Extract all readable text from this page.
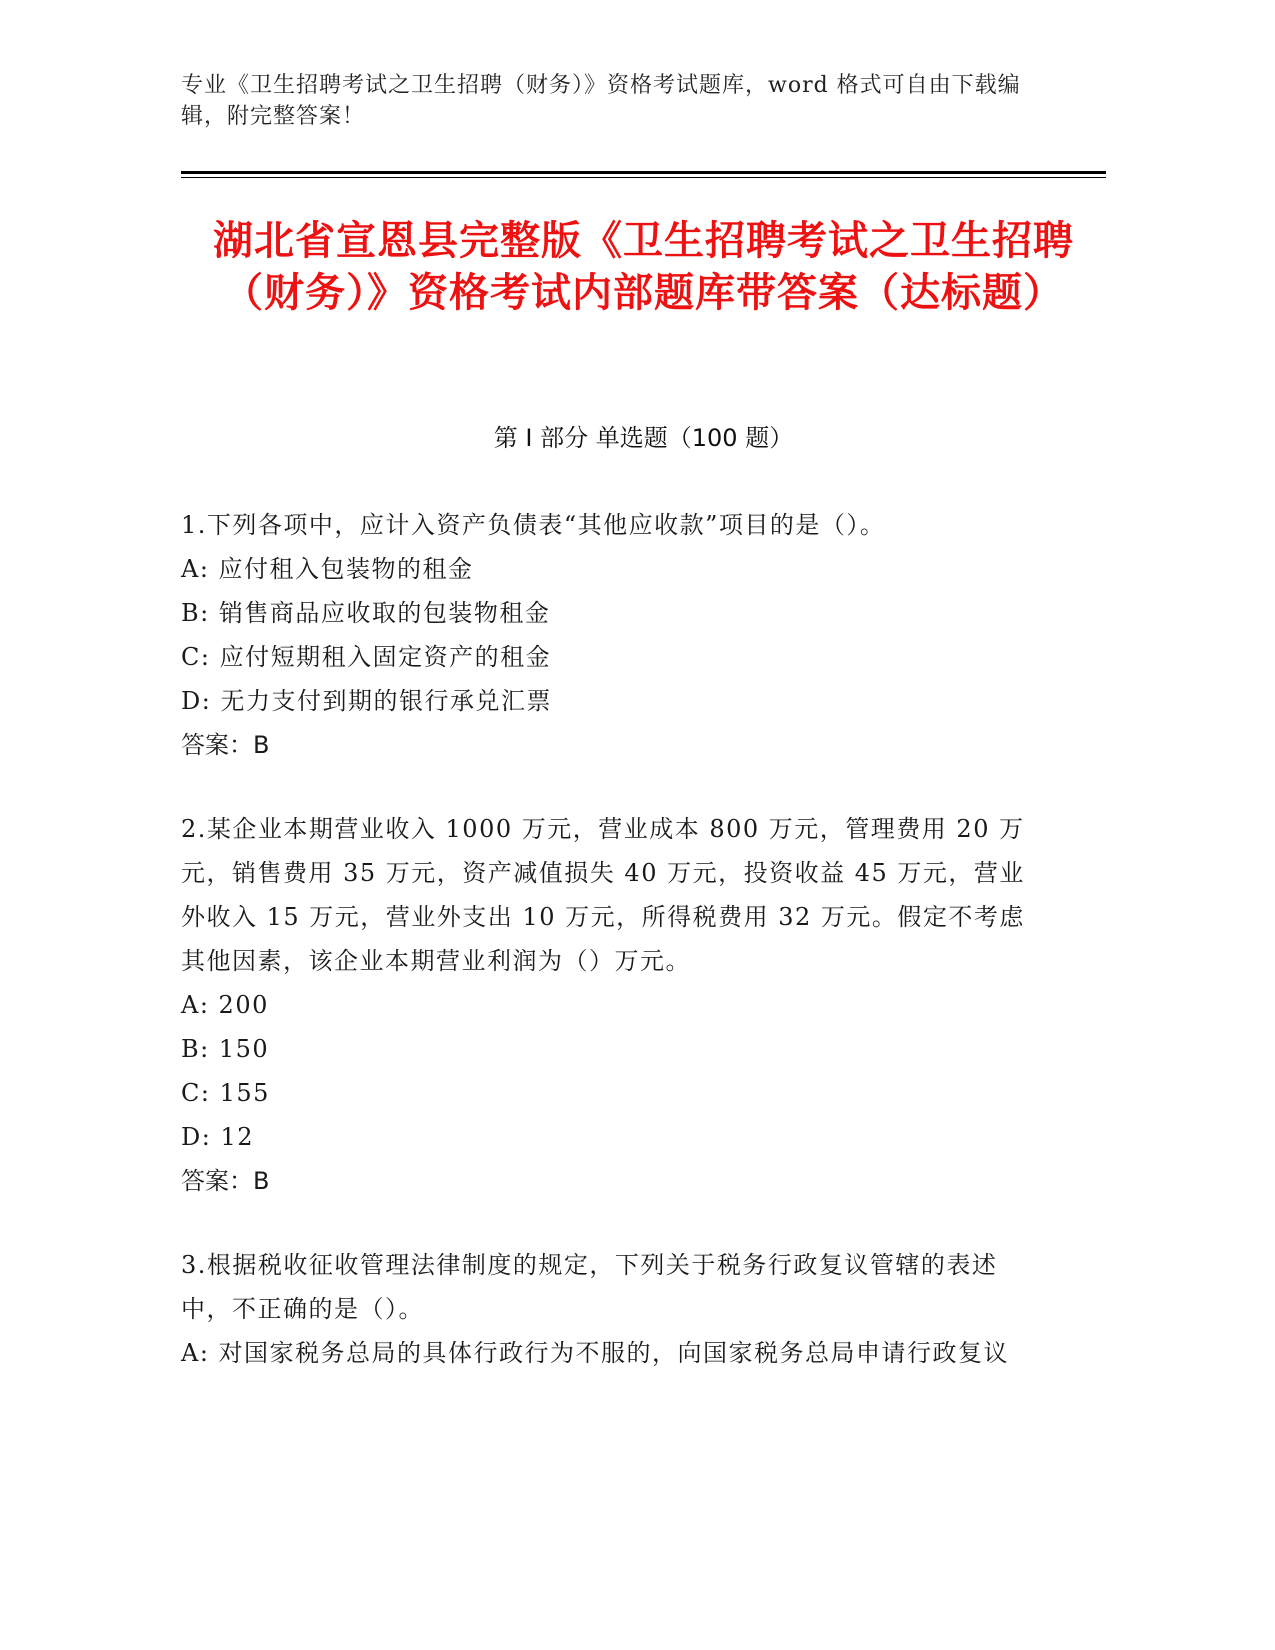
专业《卫生招聘考试之卫生招聘（财务）》资格考试题库，word 格式可自由下载编辑，附完整答案！
湖北省宣恩县完整版《卫生招聘考试之卫生招聘（财务）》资格考试内部题库带答案（达标题）
第 I 部分 单选题（100 题）

1.下列各项中，应计入资产负债表“其他应收款”项目的是（）。

A: 应付租入包装物的租金

B: 销售商品应收取的包装物租金

C: 应付短期租入固定资产的租金

D: 无力支付到期的银行承兑汇票

答案：B

2.某企业本期营业收入 1000 万元，营业成本 800 万元，管理费用 20 万元，销售费用 35 万元，资产减值损失 40 万元，投资收益 45 万元，营业外收入 15 万元，营业外支出 10 万元，所得税费用 32 万元。假定不考虑其他因素，该企业本期营业利润为（）万元。

A: 200

B: 150

C: 155

D: 12

答案：B

3.根据税收征收管理法律制度的规定，下列关于税务行政复议管辖的表述中，不正确的是（）。

A: 对国家税务总局的具体行政行为不服的，向国家税务总局申请行政复议
